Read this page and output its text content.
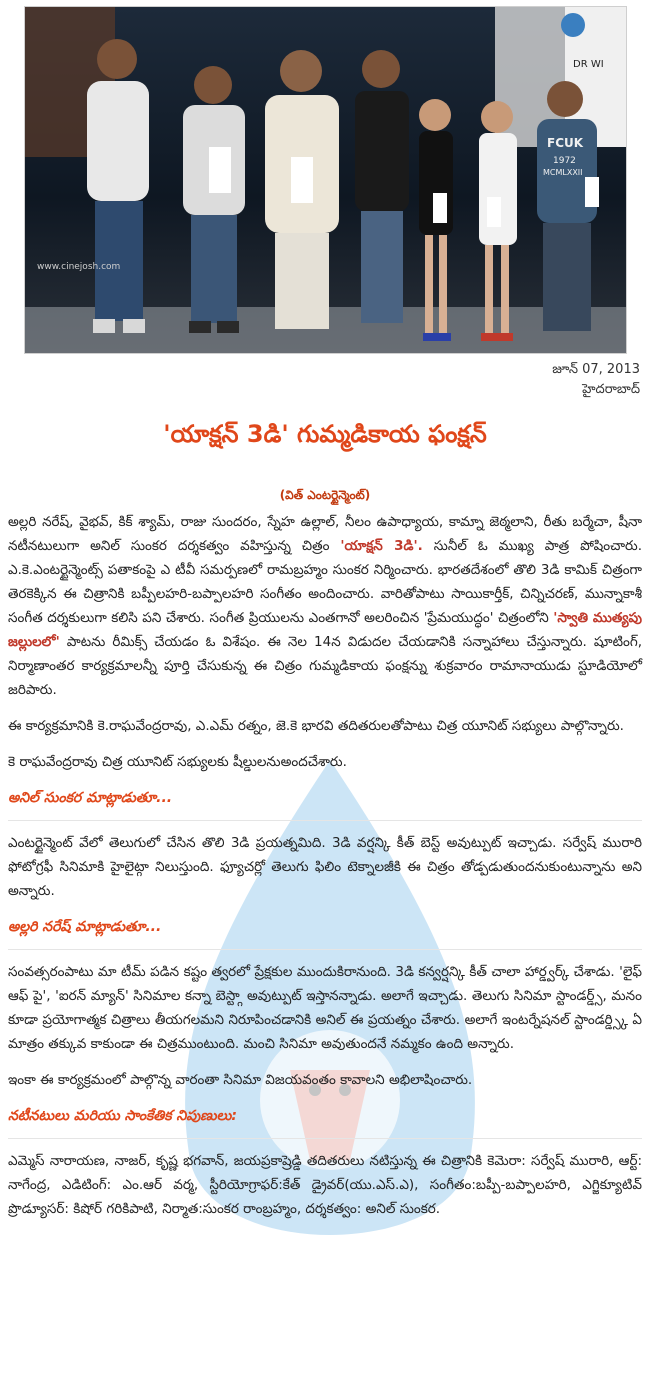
DR WI
FCUK
1972
MCMLXXII
www.cinejosh.com
జూన్ 07, 2013
హైదరాబాద్
'యాక్షన్ 3డి' గుమ్మడికాయ ఫంక్షన్
(విత్ ఎంటర్టైన్మెంట్)

అల్లరి నరేష్, వైభవ్, కిక్ శ్యామ్, రాజు సుందరం, స్నేహ ఉల్లాల్, నీలం ఉపాధ్యాయ, కామ్నా జెఠ్మలాని, రీతు బర్మేచా, షీనా నటీనటులుగా అనిల్ సుంకర దర్శకత్వం వహిస్తున్న చిత్రం 'యాక్షన్ 3డి'. సునీల్ ఓ ముఖ్య పాత్ర పోషించారు. ఎ.కె.ఎంటర్టైన్మెంట్స్ పతాకంపై ఎ టీవీ సమర్పణలో రామబ్రహ్మం సుంకర నిర్మించారు. భారతదేశంలో తొలి 3డి కామిక్ చిత్రంగా తెరకెక్కిన ఈ చిత్రానికి బప్పీలహరి-బప్పాలహరి సంగీతం అందించారు. వారితోపాటు సాయికార్తీక్, చిన్నిచరణ్, మున్నాకాశీ సంగీత దర్శకులుగా కలిసి పని చేశారు. సంగీత ప్రియులను ఎంతగానో అలరించిన 'ప్రేమయుద్ధం' చిత్రంలోని 'స్వాతి ముత్యపు జల్లులలో' పాటను రీమిక్స్ చేయడం ఓ విశేషం. ఈ నెల 14న విడుదల చేయడానికి సన్నాహాలు చేస్తున్నారు. షూటింగ్, నిర్మాణాంతర కార్యక్రమాలన్నీ పూర్తి చేసుకున్న ఈ చిత్రం గుమ్మడికాయ ఫంక్షన్ను శుక్రవారం రామానాయుడు స్టూడియోలో జరిపారు.

ఈ కార్యక్రమానికి కె.రాఘవేంద్రరావు, ఎ.ఎమ్ రత్నం, జె.కె భారవి తదితరులతోపాటు చిత్ర యూనిట్ సభ్యులు పాల్గొన్నారు.

కె రాఘవేంద్రరావు చిత్ర యూనిట్ సభ్యులకు షీల్డులనుఅందచేశారు.

అనిల్ సుంకర మాట్లాడుతూ...

ఎంటర్టైన్మెంట్ వేలో తెలుగులో చేసిన తొలి 3డి ప్రయత్నమిది. 3డి వర్షన్కి కీత్ బెస్ట్ అవుట్పుట్ ఇచ్చాడు. సర్వేష్ మురారి ఫోటోగ్రఫీ సినిమాకి హైలైట్గా నిలుస్తుంది. ఫ్యూచర్లో తెలుగు ఫిలిం టెక్నాలజీకి ఈ చిత్రం తోడ్పడుతుందనుకుంటున్నాను అని అన్నారు.

అల్లరి నరేష్ మాట్లాడుతూ...

సంవత్సరంపాటు మా టీమ్ పడిన కష్టం త్వరలో ప్రేక్షకుల ముందుకిరానుంది. 3డి కన్వర్షన్కి కీత్ చాలా హార్డ్వర్క్ చేశాడు. 'లైఫ్ ఆఫ్ పై', 'ఐరన్ మ్యాన్' సినిమాల కన్నా బెస్ట్గా అవుట్పుట్ ఇస్తానన్నాడు. అలాగే ఇచ్చాడు. తెలుగు సినిమా స్టాండర్డ్స్, మనం కూడా ప్రయోగాత్మక చిత్రాలు తీయగలమని నిరూపించడానికి అనిల్ ఈ ప్రయత్నం చేశారు. అలాగే ఇంటర్నేషనల్ స్టాండర్డ్స్కి ఏ మాత్రం తక్కువ కాకుండా ఈ చిత్రముంటుంది. మంచి సినిమా అవుతుందనే నమ్మకం ఉంది అన్నారు.

ఇంకా ఈ కార్యక్రమంలో పాల్గొన్న వారంతా సినిమా విజయవంతం కావాలని అభిలాషించారు.

నటీనటులు మరియు సాంకేతిక నిపుణులు:

ఎమ్మెస్ నారాయణ, నాజర్, కృష్ణ భగవాన్, జయప్రకాష్రెడ్డి తదితరులు నటిస్తున్న ఈ చిత్రానికి కెమెరా: సర్వేష్ మురారి, ఆర్ట్: నాగేంద్ర, ఎడిటింగ్: ఎం.ఆర్ వర్మ, స్టీరియోగ్రాఫర్:కేత్ డ్రైవర్(యు.ఎస్.ఎ), సంగీతం:బప్పీ-బప్పాలహరి, ఎగ్జిక్యూటివ్ ప్రొడ్యూసర్: కిషోర్ గరికిపాటి, నిర్మాత:సుంకర రాంబ్రహ్మం, దర్శకత్వం: అనిల్ సుంకర.
